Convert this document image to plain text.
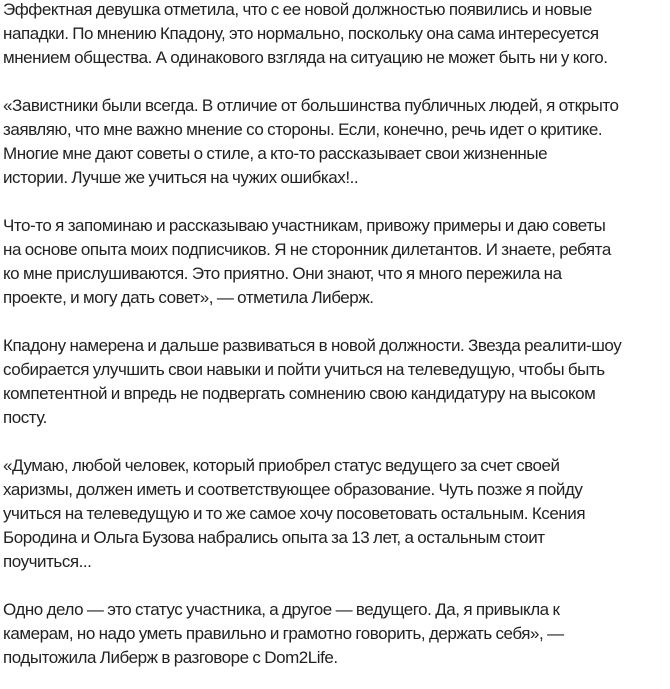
Эффектная девушка отметила, что с ее новой должностью появились и новые
нападки. По мнению Кпадону, это нормально, поскольку она сама интересуется
мнением общества. А одинакового взгляда на ситуацию не может быть ни у кого.

«Завистники были всегда. В отличие от большинства публичных людей, я открыто
заявляю, что мне важно мнение со стороны. Если, конечно, речь идет о критике.
Многие мне дают советы о стиле, а кто-то рассказывает свои жизненные
истории. Лучше же учиться на чужих ошибках!..

Что-то я запоминаю и рассказываю участникам, привожу примеры и даю советы
на основе опыта моих подписчиков. Я не сторонник дилетантов. И знаете, ребята
ко мне прислушиваются. Это приятно. Они знают, что я много пережила на
проекте, и могу дать совет», — отметила Либерж.

Кпадону намерена и дальше развиваться в новой должности. Звезда реалити-шоу
собирается улучшить свои навыки и пойти учиться на телеведущую, чтобы быть
компетентной и впредь не подвергать сомнению свою кандидатуру на высоком
посту.

«Думаю, любой человек, который приобрел статус ведущего за счет своей
харизмы, должен иметь и соответствующее образование. Чуть позже я пойду
учиться на телеведущую и то же самое хочу посоветовать остальным. Ксения
Бородина и Ольга Бузова набрались опыта за 13 лет, а остальным стоит
поучиться...

Одно дело — это статус участника, а другое — ведущего. Да, я привыкла к
камерам, но надо уметь правильно и грамотно говорить, держать себя», —
подытожила Либерж в разговоре с Dom2Life.
